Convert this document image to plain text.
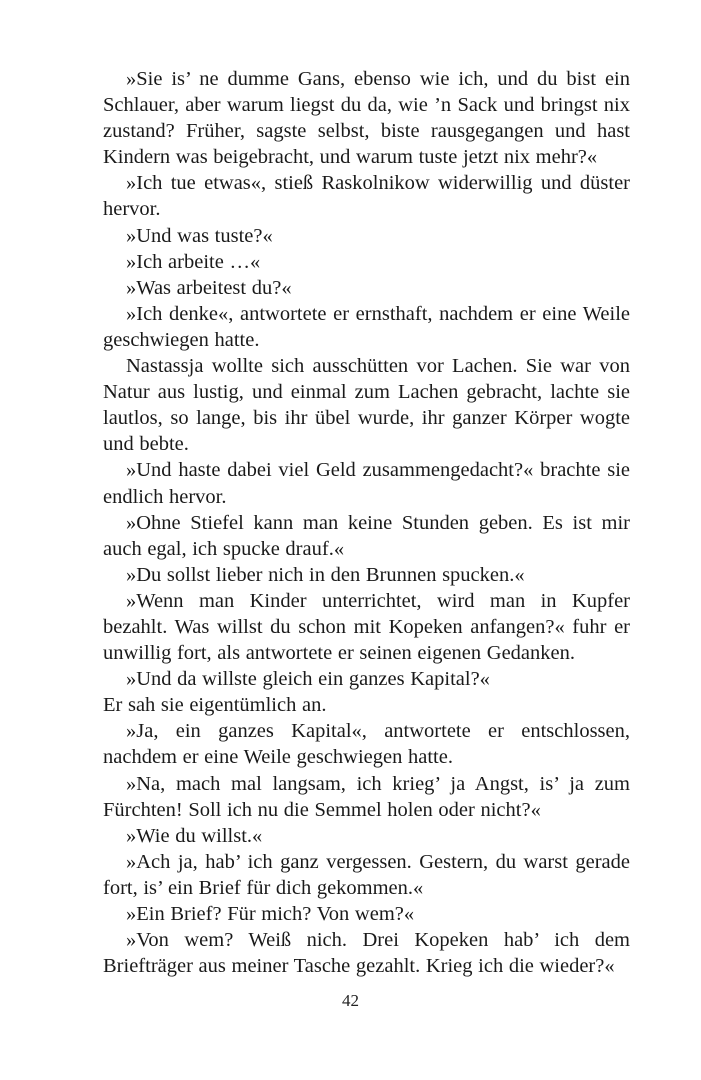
»Sie is’ ne dumme Gans, ebenso wie ich, und du bist ein Schlauer, aber warum liegst du da, wie ’n Sack und bringst nix zustand? Früher, sagste selbst, biste rausgegangen und hast Kindern was beigebracht, und warum tuste jetzt nix mehr?«

»Ich tue etwas«, stieß Raskolnikow widerwillig und düster hervor.

»Und was tuste?«

»Ich arbeite …«

»Was arbeitest du?«

»Ich denke«, antwortete er ernsthaft, nachdem er eine Weile geschwiegen hatte.

Nastassja wollte sich ausschütten vor Lachen. Sie war von Natur aus lustig, und einmal zum Lachen gebracht, lachte sie lautlos, so lange, bis ihr übel wurde, ihr ganzer Körper wogte und bebte.

»Und haste dabei viel Geld zusammengedacht?« brachte sie endlich hervor.

»Ohne Stiefel kann man keine Stunden geben. Es ist mir auch egal, ich spucke drauf.«

»Du sollst lieber nich in den Brunnen spucken.«

»Wenn man Kinder unterrichtet, wird man in Kupfer bezahlt. Was willst du schon mit Kopeken anfangen?« fuhr er unwillig fort, als antwortete er seinen eigenen Gedanken.

»Und da willste gleich ein ganzes Kapital?«

Er sah sie eigentümlich an.

»Ja, ein ganzes Kapital«, antwortete er entschlossen, nachdem er eine Weile geschwiegen hatte.

»Na, mach mal langsam, ich krieg’ ja Angst, is’ ja zum Fürchten! Soll ich nu die Semmel holen oder nicht?«

»Wie du willst.«

»Ach ja, hab’ ich ganz vergessen. Gestern, du warst gerade fort, is’ ein Brief für dich gekommen.«

»Ein Brief? Für mich? Von wem?«

»Von wem? Weiß nich. Drei Kopeken hab’ ich dem Briefträger aus meiner Tasche gezahlt. Krieg ich die wieder?«

42
